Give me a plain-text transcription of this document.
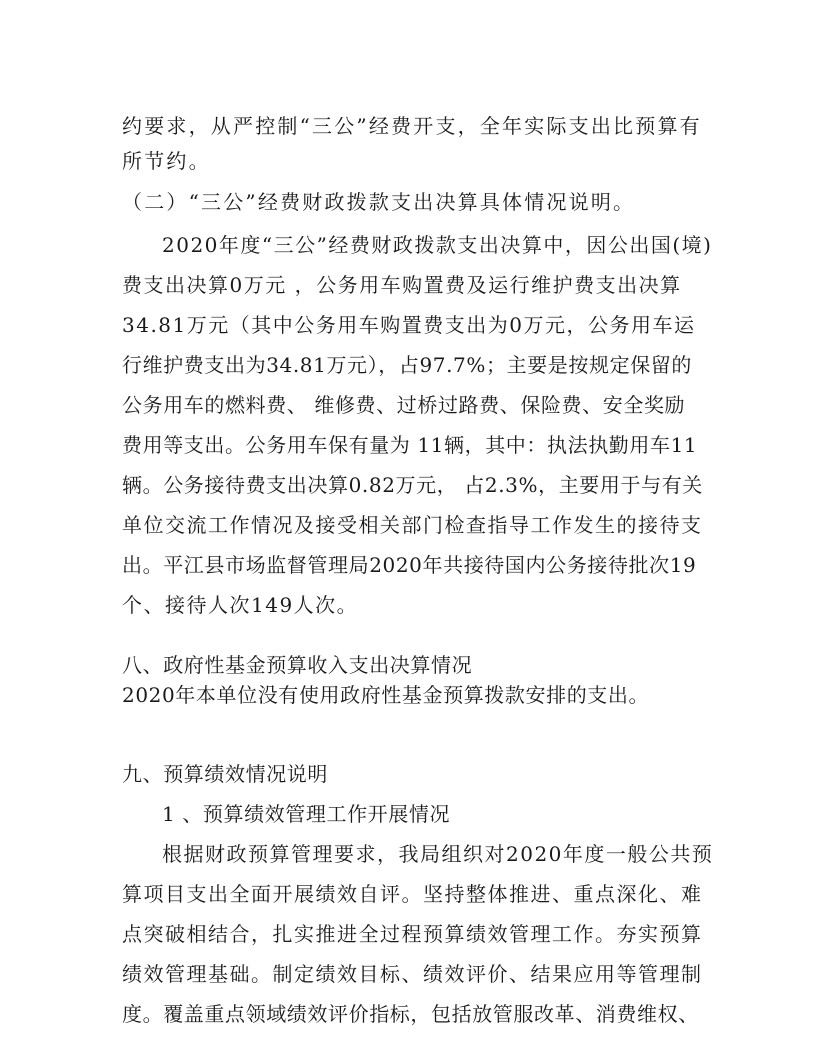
约要求，从严控制“三公”经费开支，全年实际支出比预算有
所节约。
（二）“三公”经费财政拨款支出决算具体情况说明。
2020年度“三公”经费财政拨款支出决算中，因公出国(境)
费支出决算0万元 ，公务用车购置费及运行维护费支出决算
34.81万元（其中公务用车购置费支出为0万元，公务用车运
行维护费支出为34.81万元），占97.7%；主要是按规定保留的
公务用车的燃料费、 维修费、过桥过路费、保险费、安全奖励
费用等支出。公务用车保有量为 11辆，其中：执法执勤用车11
辆。公务接待费支出决算0.82万元， 占2.3%，主要用于与有关
单位交流工作情况及接受相关部门检查指导工作发生的接待支
出。平江县市场监督管理局2020年共接待国内公务接待批次19
个、接待人次149人次。
八、政府性基金预算收入支出决算情况
2020年本单位没有使用政府性基金预算拨款安排的支出。
九、预算绩效情况说明
1 、预算绩效管理工作开展情况
根据财政预算管理要求，我局组织对2020年度一般公共预
算项目支出全面开展绩效自评。坚持整体推进、重点深化、难
点突破相结合，扎实推进全过程预算绩效管理工作。夯实预算
绩效管理基础。制定绩效目标、绩效评价、结果应用等管理制
度。覆盖重点领域绩效评价指标，包括放管服改革、消费维权、
